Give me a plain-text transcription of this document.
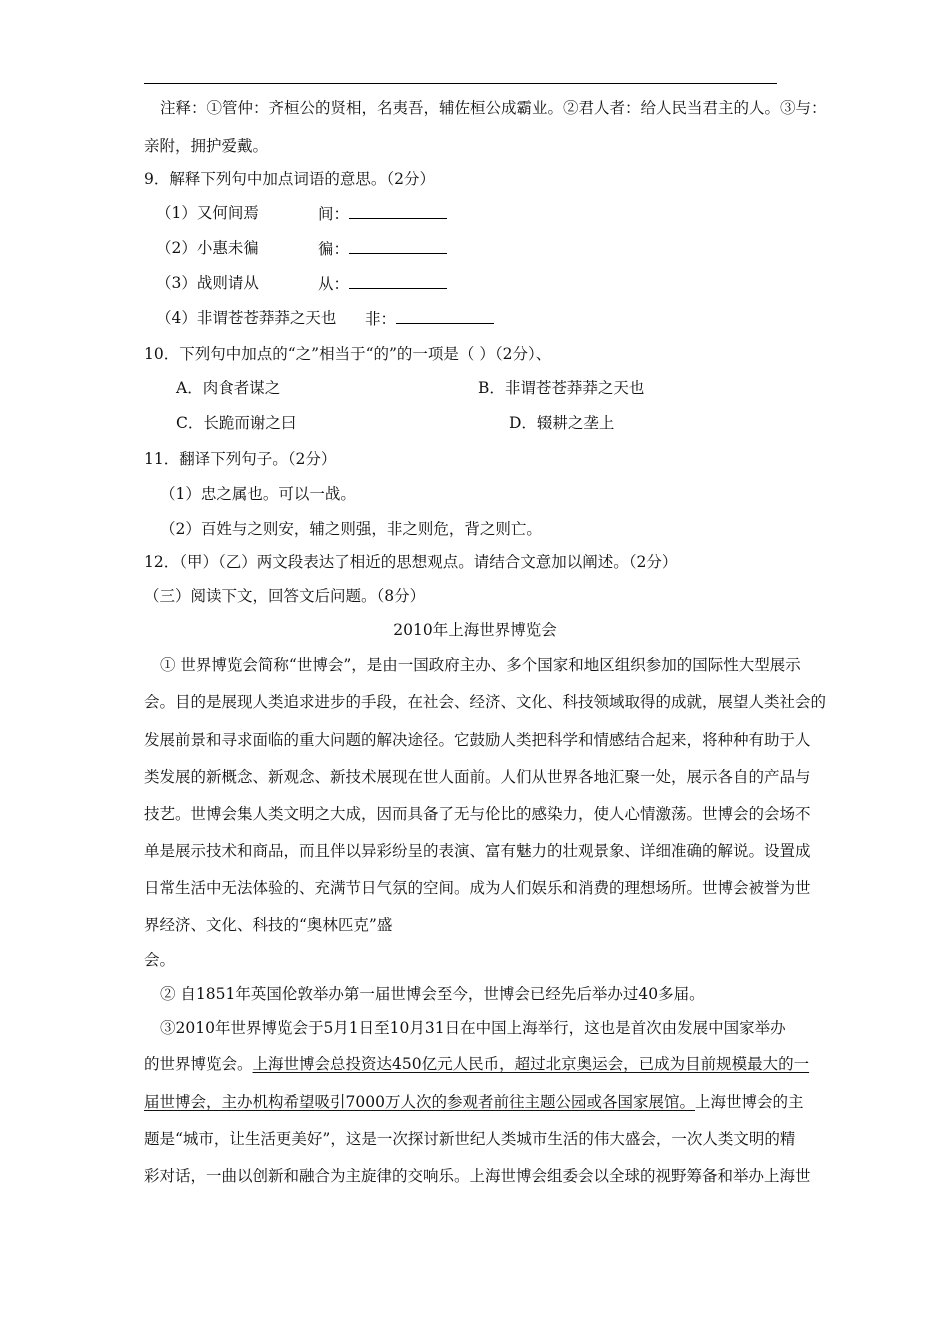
注释：①管仲：齐桓公的贤相，名夷吾，辅佐桓公成霸业。②君人者：给人民当君主的人。③与：
亲附，拥护爱戴。
9．解释下列句中加点词语的意思。（2分）
（1）又何间焉	间：
（2）小惠未徧	徧：
（3）战则请从	从：
（4）非谓苍苍莽莽之天也 非：
10．下列句中加点的“之”相当于“的”的一项是（ ）（2分）、
A．肉食者谋之	B．非谓苍苍莽莽之天也
C．长跪而谢之曰	D．辍耕之垄上
11．翻译下列句子。（2分）
（1）忠之属也。可以一战。
（2）百姓与之则安，辅之则强，非之则危，背之则亡。
12．（甲）（乙）两文段表达了相近的思想观点。请结合文意加以阐述。（2分）
（三）阅读下文，回答文后问题。（8分）
2010年上海世界博览会
① 世界博览会简称“世博会”，是由一国政府主办、多个国家和地区组织参加的国际性大型展示
会。目的是展现人类追求进步的手段，在社会、经济、文化、科技领域取得的成就，展望人类社会的
发展前景和寻求面临的重大问题的解决途径。它鼓励人类把科学和情感结合起来，将种种有助于人
类发展的新概念、新观念、新技术展现在世人面前。人们从世界各地汇聚一处，展示各自的产品与
技艺。世博会集人类文明之大成，因而具备了无与伦比的感染力，使人心情激荡。世博会的会场不
单是展示技术和商品，而且伴以异彩纷呈的表演、富有魅力的壮观景象、详细准确的解说。设置成
日常生活中无法体验的、充满节日气氛的空间。成为人们娱乐和消费的理想场所。世博会被誉为世
界经济、文化、科技的“奥林匹克”盛
会。
② 自1851年英国伦敦举办第一届世博会至今，世博会已经先后举办过40多届。
③2010年世界博览会于5月1日至10月31日在中国上海举行，这也是首次由发展中国家举办
的世界博览会。上海世博会总投资达450亿元人民币，超过北京奥运会，已成为目前规模最大的一
届世博会，主办机构希望吸引7000万人次的参观者前往主题公园或各国家展馆。上海世博会的主
题是“城市，让生活更美好”，这是一次探讨新世纪人类城市生活的伟大盛会，一次人类文明的精
彩对话，一曲以创新和融合为主旋律的交响乐。上海世博会组委会以全球的视野筹备和举办上海世
